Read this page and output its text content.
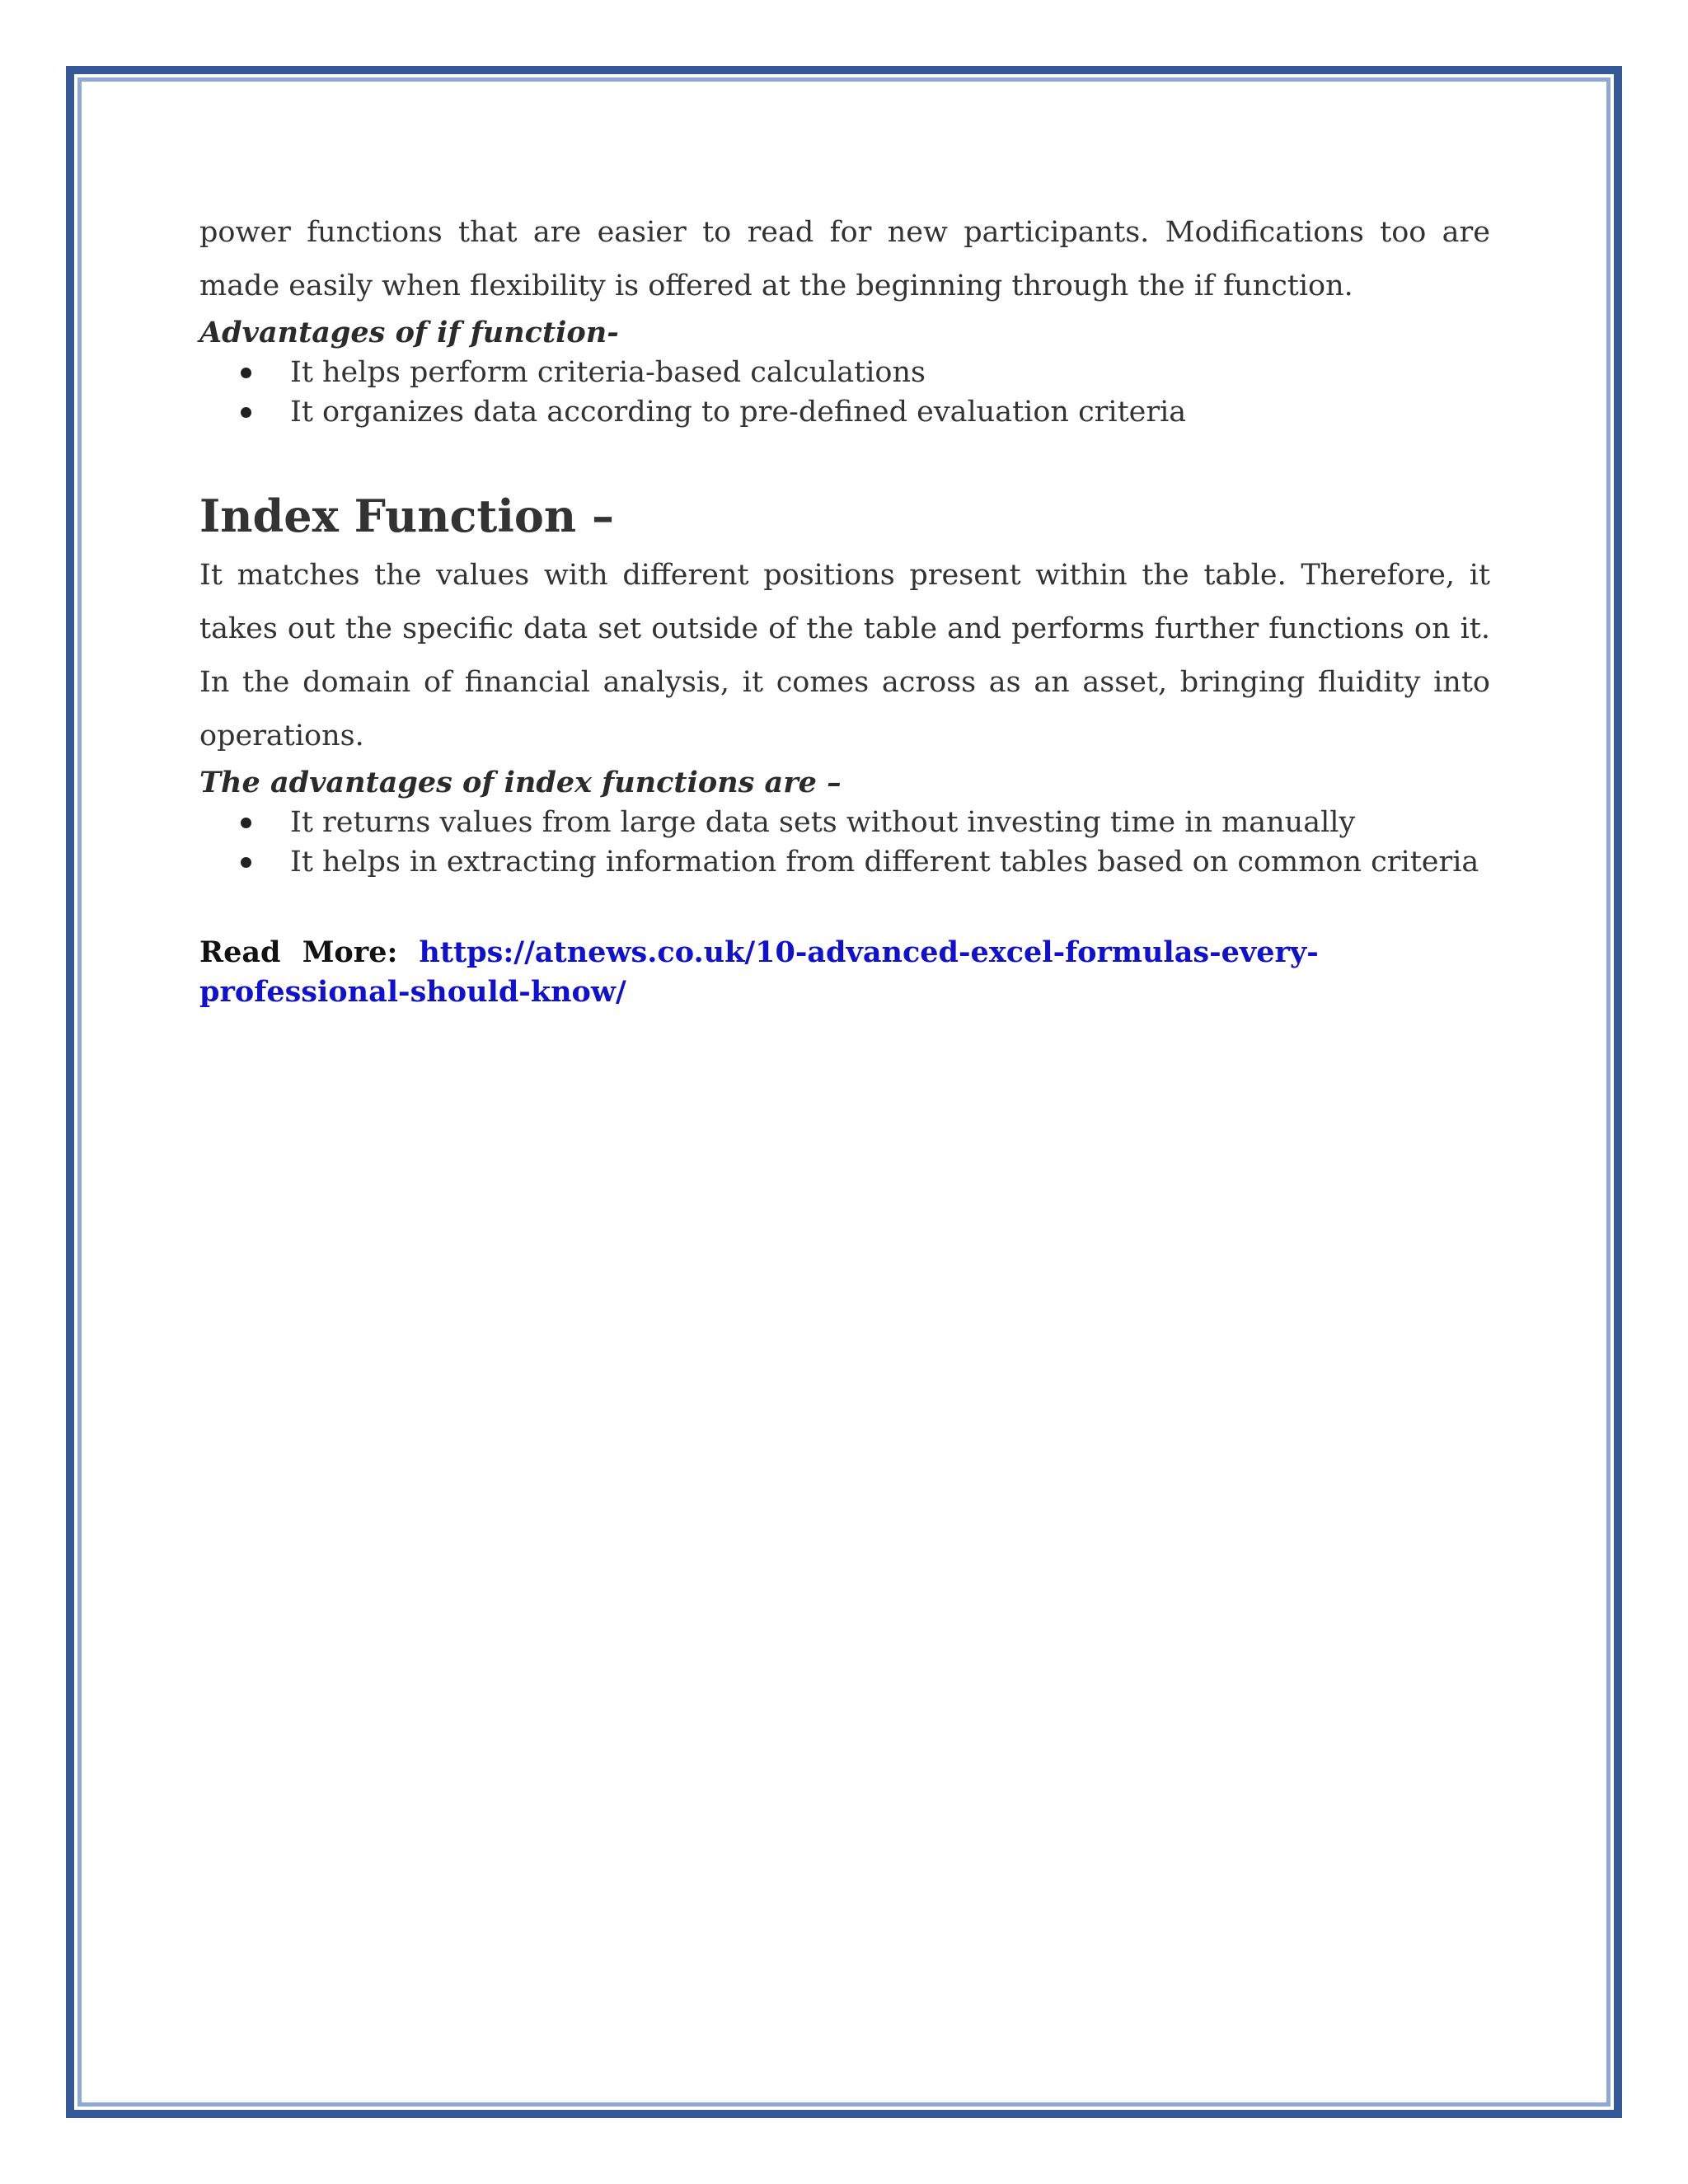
power functions that are easier to read for new participants. Modifications too are made easily when flexibility is offered at the beginning through the if function.

Advantages of if function-

It helps perform criteria-based calculations
It organizes data according to pre-defined evaluation criteria
Index Function –

It matches the values with different positions present within the table. Therefore, it takes out the specific data set outside of the table and performs further functions on it. In the domain of financial analysis, it comes across as an asset, bringing fluidity into operations.

The advantages of index functions are –

It returns values from large data sets without investing time in manually
It helps in extracting information from different tables based on common criteria
Read More: https://atnews.co.uk/10-advanced-excel-formulas-every-professional-should-know/
